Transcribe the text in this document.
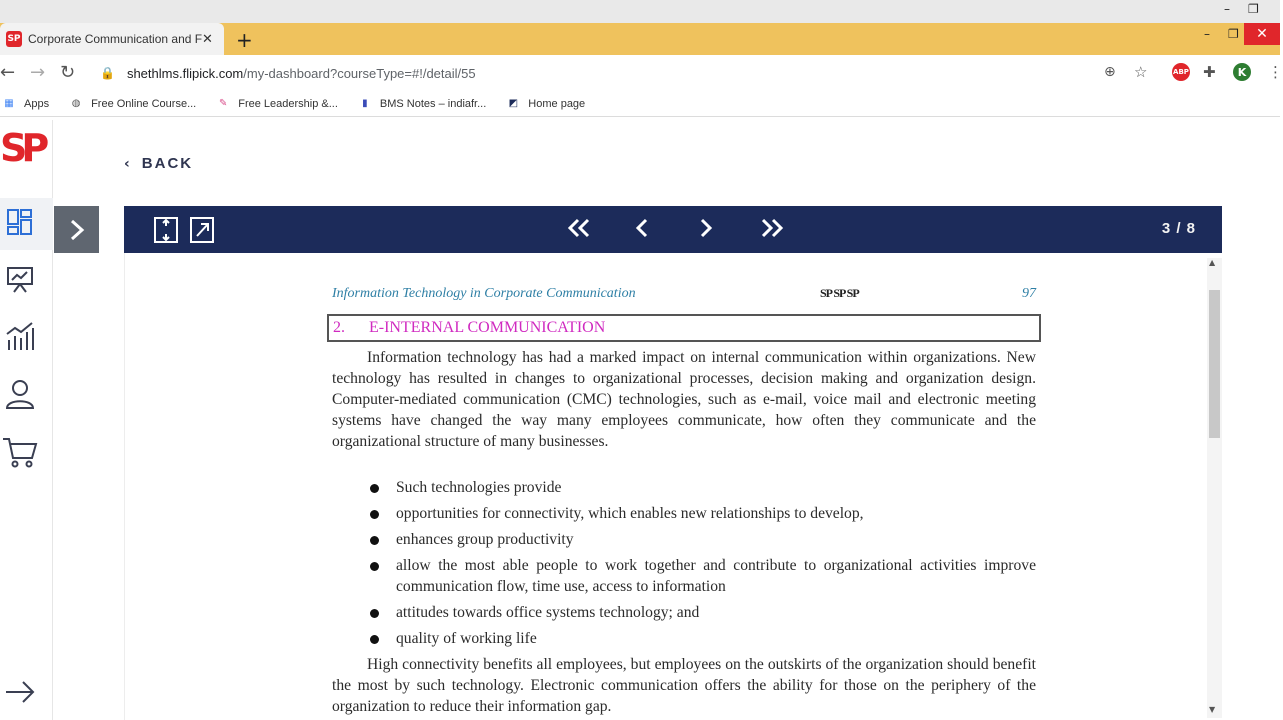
– ❐
SP Corporate Communication and F ✕ +	– ❐	✕
← → ↻ 🔒 shethlms.flipick.com/my-dashboard?courseType=#!/detail/55	⊕ ☆	ABP ✚	K	⋮
▦ Apps ◍ Free Online Course... ✎ Free Leadership &...	▮	BMS Notes – indiafr... ◩ Home page
SP	‹ BACK
3 / 8
▲
▼
Information Technology in Corporate Communication	SP SP SP	97
2.	E-INTERNAL COMMUNICATION
Information technology has had a marked impact on internal communication within organizations. New technology has resulted in changes to organizational processes, decision making and organization design. Computer-mediated communication (CMC) technologies, such as e-mail, voice mail and electronic meeting systems have changed the way many employees communicate, how often they communicate and the organizational structure of many businesses.
Such technologies provide
opportunities for connectivity, which enables new relationships to develop,
enhances group productivity
allow the most able people to work together and contribute to organizational activities improve communication flow, time use, access to information
attitudes towards office systems technology; and
quality of working life
High connectivity benefits all employees, but employees on the outskirts of the organization should benefit the most by such technology. Electronic communication offers the ability for those on the periphery of the organization to reduce their information gap.
